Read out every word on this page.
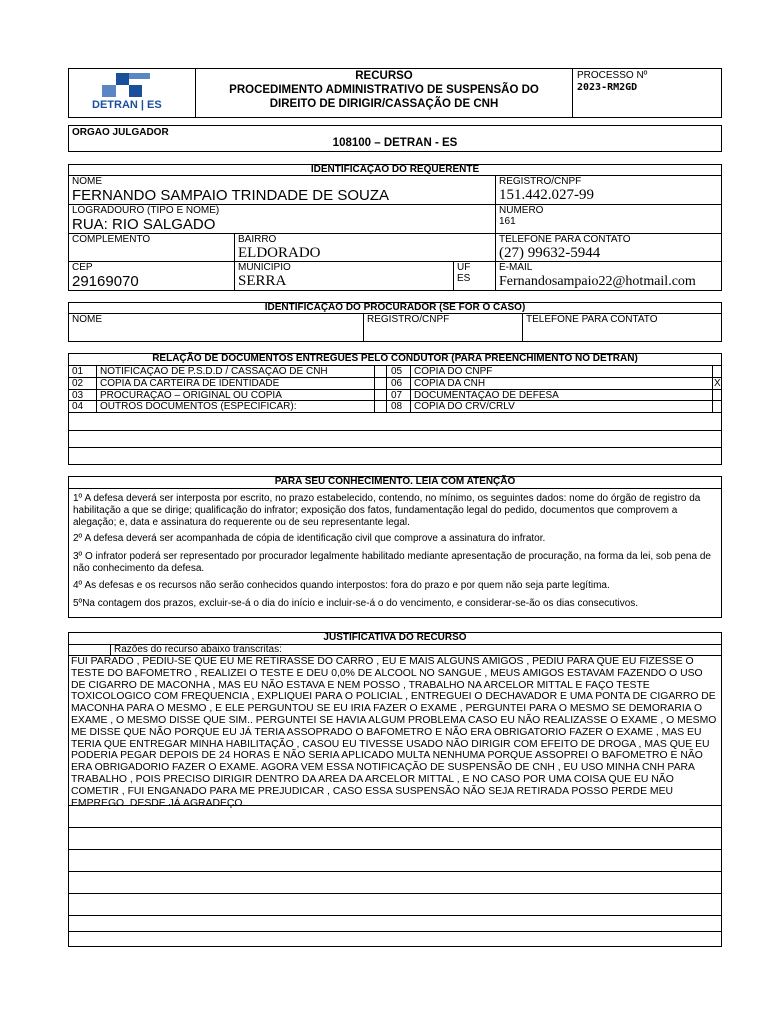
DETRAN | ES
RECURSO
PROCEDIMENTO ADMINISTRATIVO DE SUSPENSÃO DO
DIREITO DE DIRIGIR/CASSAÇÃO DE CNH
PROCESSO Nº
2023-RM2GD
ORGAO JULGADOR
108100 – DETRAN - ES
IDENTIFICAÇAO DO REQUERENTE
NOME
FERNANDO SAMPAIO TRINDADE DE SOUZA
REGISTRO/CNPF
151.442.027-99
LOGRADOURO (TIPO E NOME)
RUA: RIO SALGADO
NUMERO
161
COMPLEMENTO	BAIRRO
ELDORADO
TELEFONE PARA CONTATO
(27) 99632-5944
CEP
29169070
MUNICIPIO
SERRA
UF
ES
E-MAIL
Fernandosampaio22@hotmail.com
IDENTIFICAÇAO DO PROCURADOR (SE FOR O CASO)
NOME	REGISTRO/CNPF	TELEFONE PARA CONTATO
RELAÇÃO DE DOCUMENTOS ENTREGUES PELO CONDUTOR (PARA PREENCHIMENTO NO DETRAN)
01 NOTIFICAÇÃO DE P.S.D.D / CASSAÇÃO DE CNH
02 COPIA DA CARTEIRA DE IDENTIDADE
03 PROCURAÇÃO – ORIGINAL OU COPIA
04 OUTROS DOCUMENTOS (ESPECIFICAR):
05 COPIA DO CNPF
06 COPIA DA CNH	X
07 DOCUMENTAÇÃO DE DEFESA
08 COPIA DO CRV/CRLV
PARA SEU CONHECIMENTO. LEIA COM ATENÇÃO
1º A defesa deverá ser interposta por escrito, no prazo estabelecido, contendo, no mínimo, os seguintes dados: nome do órgão de registro da habilitação a que se dirige; qualificação do infrator; exposição dos fatos, fundamentação legal do pedido, documentos que comprovem a alegação; e, data e assinatura do requerente ou de seu representante legal.
2º A defesa deverá ser acompanhada de cópia de identificação civil que comprove a assinatura do infrator.
3º O infrator poderá ser representado por procurador legalmente habilitado mediante apresentação de procuração, na forma da lei, sob pena de não conhecimento da defesa.
4º As defesas e os recursos não serão conhecidos quando interpostos: fora do prazo e por quem não seja parte legítima.
5ºNa contagem dos prazos, excluir-se-á o dia do início e incluir-se-á o do vencimento, e considerar-se-ão os dias consecutivos.
JUSTIFICATIVA DO RECURSO
Razões do recurso abaixo transcritas:
FUI PARADO , PEDIU-SE QUE EU ME RETIRASSE DO CARRO , EU E MAIS ALGUNS AMIGOS , PEDIU PARA QUE EU FIZESSE O TESTE DO BAFOMETRO , REALIZEI O TESTE E DEU 0,0% DE ALCOOL NO SANGUE , MEUS AMIGOS ESTAVAM FAZENDO O USO DE CIGARRO DE MACONHA , MAS EU NÃO ESTAVA E NEM POSSO , TRABALHO NA ARCELOR MITTAL E FAÇO TESTE TOXICOLOGICO COM FREQUENCIA , EXPLIQUEI PARA O POLICIAL , ENTREGUEI O DECHAVADOR E UMA PONTA DE CIGARRO DE MACONHA PARA O MESMO , E ELE PERGUNTOU SE EU IRIA FAZER O EXAME , PERGUNTEI PARA O MESMO SE DEMORARIA O EXAME , O MESMO DISSE QUE SIM.. PERGUNTEI SE HAVIA ALGUM PROBLEMA CASO EU NÃO REALIZASSE O EXAME , O MESMO ME DISSE QUE NÃO PORQUE EU JÁ TERIA ASSOPRADO O BAFOMETRO E NÃO ERA OBRIGATORIO FAZER O EXAME , MAS EU TERIA QUE ENTREGAR MINHA HABILITAÇÃO , CASOU EU TIVESSE USADO NÃO DIRIGIR COM EFEITO DE DROGA , MAS QUE EU PODERIA PEGAR DEPOIS DE 24 HORAS E NÃO SERIA APLICADO MULTA NENHUMA PORQUE ASSOPREI O BAFOMETRO E NÃO ERA OBRIGADORIO FAZER O EXAME. AGORA VEM ESSA NOTIFICAÇÃO DE SUSPENSÃO DE CNH , EU USO MINHA CNH PARA TRABALHO , POIS PRECISO DIRIGIR DENTRO DA AREA DA ARCELOR MITTAL , E NO CASO POR UMA COISA QUE EU NÃO COMETIR , FUI ENGANADO PARA ME PREJUDICAR , CASO ESSA SUSPENSÃO NÃO SEJA RETIRADA POSSO PERDE MEU EMPREGO. DESDE JÁ AGRADEÇO.
